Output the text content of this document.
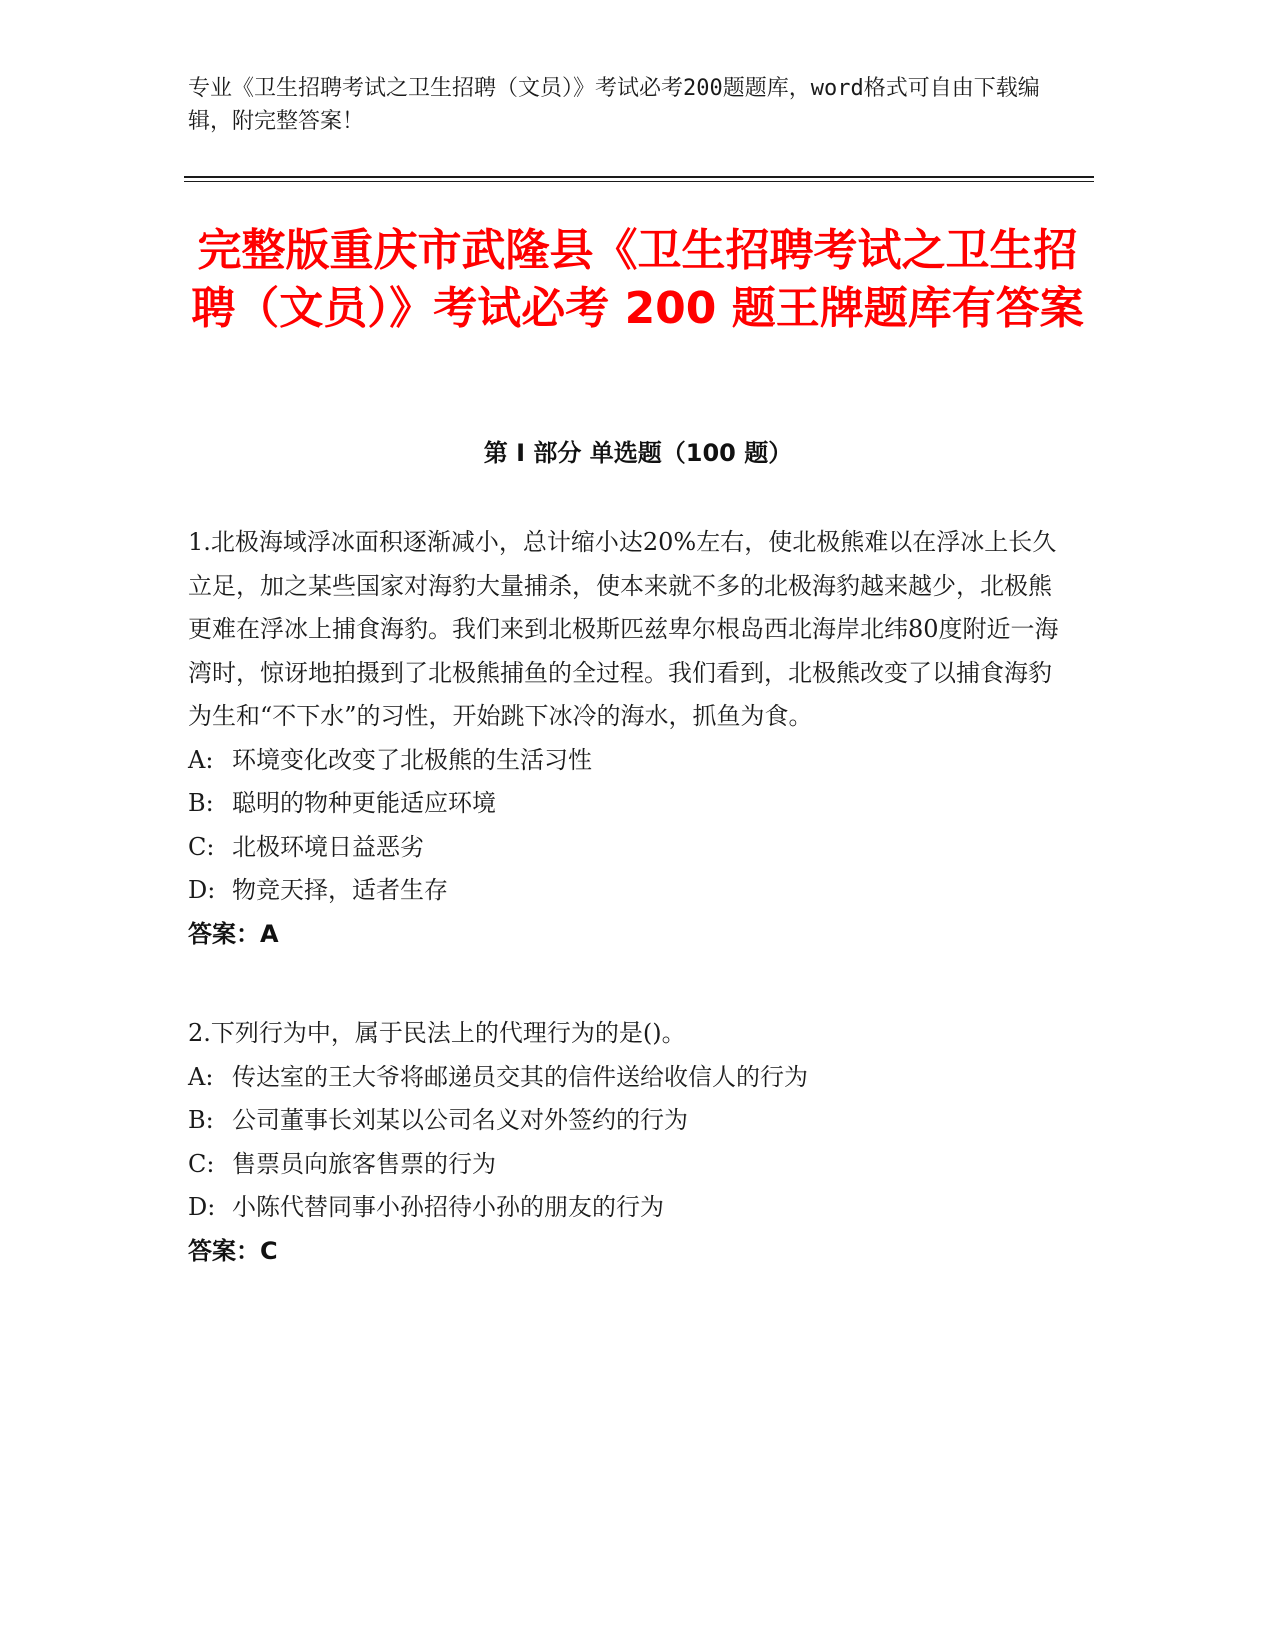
专业《卫生招聘考试之卫生招聘（文员）》考试必考200题题库，word格式可自由下载编辑，附完整答案！
完整版重庆市武隆县《卫生招聘考试之卫生招聘（文员）》考试必考 200 题王牌题库有答案
第 I 部分 单选题（100 题）

1.北极海域浮冰面积逐渐减小，总计缩小达20%左右，使北极熊难以在浮冰上长久立足，加之某些国家对海豹大量捕杀，使本来就不多的北极海豹越来越少，北极熊更难在浮冰上捕食海豹。我们来到北极斯匹兹卑尔根岛西北海岸北纬80度附近一海湾时，惊讶地拍摄到了北极熊捕鱼的全过程。我们看到，北极熊改变了以捕食海豹为生和“不下水”的习性，开始跳下冰冷的海水，抓鱼为食。

A: 环境变化改变了北极熊的生活习性

B: 聪明的物种更能适应环境

C: 北极环境日益恶劣

D: 物竞天择，适者生存

答案：A

2.下列行为中，属于民法上的代理行为的是()。

A: 传达室的王大爷将邮递员交其的信件送给收信人的行为

B: 公司董事长刘某以公司名义对外签约的行为

C: 售票员向旅客售票的行为

D: 小陈代替同事小孙招待小孙的朋友的行为

答案：C
